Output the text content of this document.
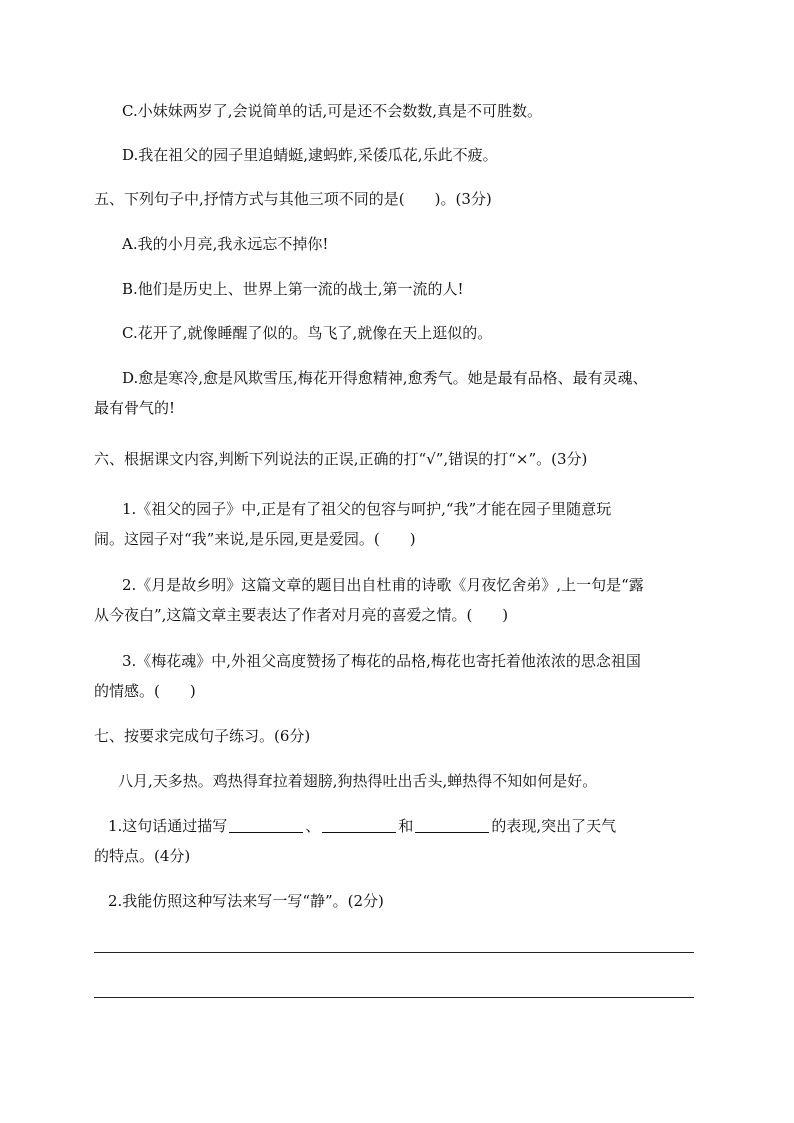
C.小妹妹两岁了,会说简单的话,可是还不会数数,真是不可胜数。
D.我在祖父的园子里追蜻蜓,逮蚂蚱,采倭瓜花,乐此不疲。
五、下列句子中,抒情方式与其他三项不同的是(　　)。(3分)
A.我的小月亮,我永远忘不掉你!
B.他们是历史上、世界上第一流的战士,第一流的人!
C.花开了,就像睡醒了似的。鸟飞了,就像在天上逛似的。
D.愈是寒冷,愈是风欺雪压,梅花开得愈精神,愈秀气。她是最有品格、最有灵魂、
最有骨气的!
六、根据课文内容,判断下列说法的正误,正确的打“√”,错误的打“×”。(3分)
1.《祖父的园子》中,正是有了祖父的包容与呵护,“我”才能在园子里随意玩
闹。这园子对“我”来说,是乐园,更是爱园。(　　)
2.《月是故乡明》这篇文章的题目出自杜甫的诗歌《月夜忆舍弟》,上一句是“露
从今夜白”,这篇文章主要表达了作者对月亮的喜爱之情。(　　)
3.《梅花魂》中,外祖父高度赞扬了梅花的品格,梅花也寄托着他浓浓的思念祖国
的情感。(　　)
七、按要求完成句子练习。(6分)
八月,天多热。鸡热得耷拉着翅膀,狗热得吐出舌头,蝉热得不知如何是好。
1.这句话通过描写	、	和	的表现,突出了天气
的特点。(4分)
2.我能仿照这种写法来写一写“静”。(2分)
